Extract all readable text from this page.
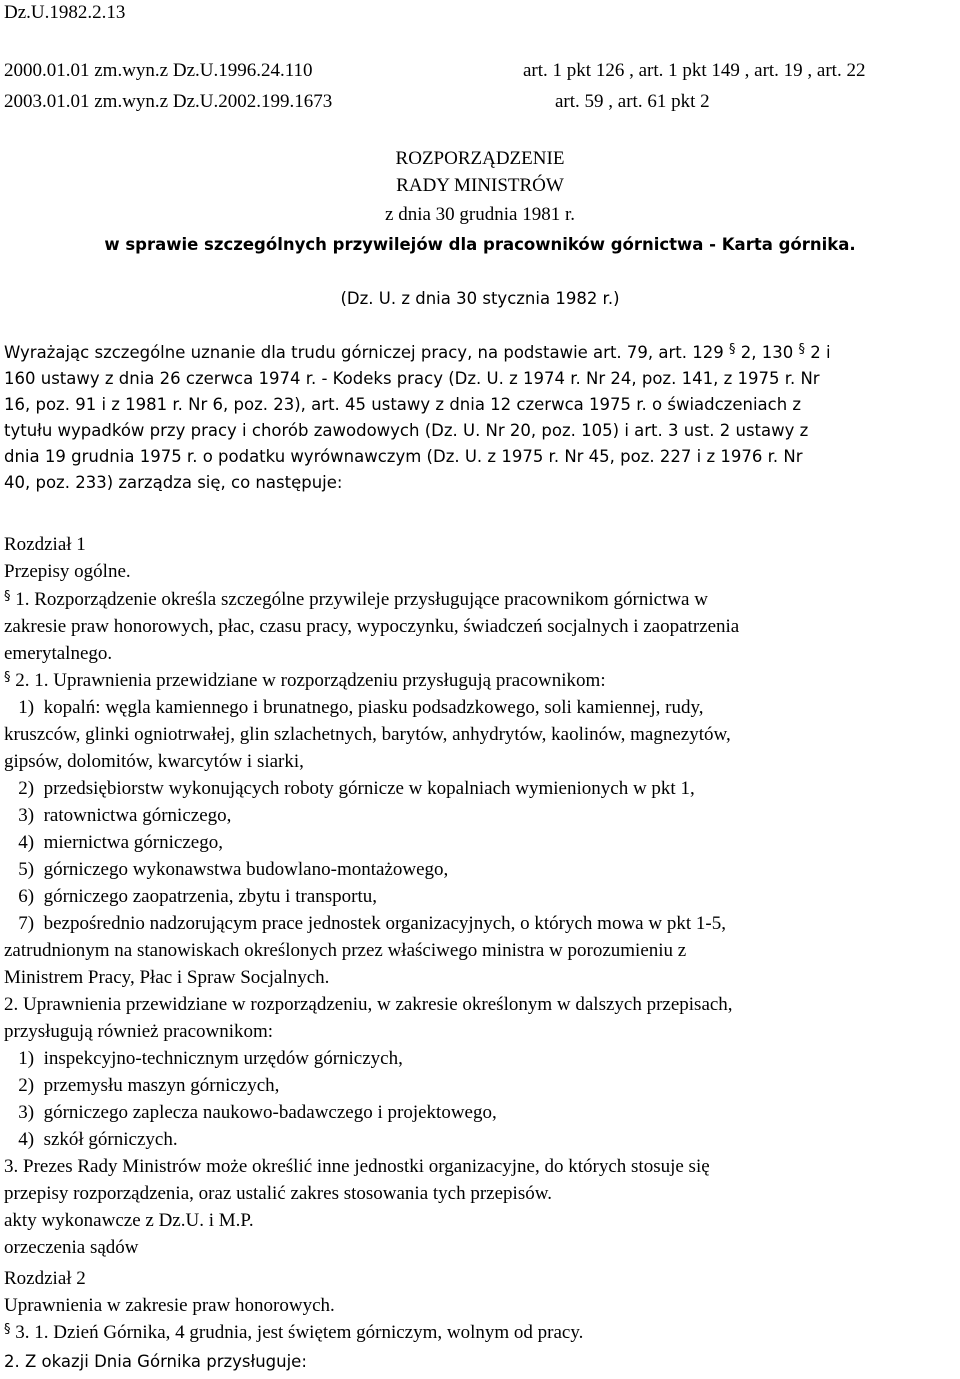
Dz.U.1982.2.13
2000.01.01 zm.wyn.z Dz.U.1996.24.110	art. 1 pkt 126 , art. 1 pkt 149 , art. 19 , art. 22
2003.01.01 zm.wyn.z Dz.U.2002.199.1673	art. 59 , art. 61 pkt 2
ROZPORZĄDZENIE
RADY MINISTRÓW
z dnia 30 grudnia 1981 r.
w sprawie szczególnych przywilejów dla pracowników górnictwa - Karta górnika.
(Dz. U. z dnia 30 stycznia 1982 r.)
Wyrażając szczególne uznanie dla trudu górniczej pracy, na podstawie art. 79, art. 129 § 2, 130 § 2 i
160 ustawy z dnia 26 czerwca 1974 r. - Kodeks pracy (Dz. U. z 1974 r. Nr 24, poz. 141, z 1975 r. Nr
16, poz. 91 i z 1981 r. Nr 6, poz. 23), art. 45 ustawy z dnia 12 czerwca 1975 r. o świadczeniach z
tytułu wypadków przy pracy i chorób zawodowych (Dz. U. Nr 20, poz. 105) i art. 3 ust. 2 ustawy z
dnia 19 grudnia 1975 r. o podatku wyrównawczym (Dz. U. z 1975 r. Nr 45, poz. 227 i z 1976 r. Nr
40, poz. 233) zarządza się, co następuje:
Rozdział 1
Przepisy ogólne.
§ 1. Rozporządzenie określa szczególne przywileje przysługujące pracownikom górnictwa w
zakresie praw honorowych, płac, czasu pracy, wypoczynku, świadczeń socjalnych i zaopatrzenia
emerytalnego.
§ 2. 1. Uprawnienia przewidziane w rozporządzeniu przysługują pracownikom:
1)  kopalń: węgla kamiennego i brunatnego, piasku podsadzkowego, soli kamiennej, rudy,
kruszców, glinki ogniotrwałej, glin szlachetnych, barytów, anhydrytów, kaolinów, magnezytów,
gipsów, dolomitów, kwarcytów i siarki,
2)  przedsiębiorstw wykonujących roboty górnicze w kopalniach wymienionych w pkt 1,
3)  ratownictwa górniczego,
4)  miernictwa górniczego,
5)  górniczego wykonawstwa budowlano-montażowego,
6)  górniczego zaopatrzenia, zbytu i transportu,
7)  bezpośrednio nadzorującym prace jednostek organizacyjnych, o których mowa w pkt 1-5,
zatrudnionym na stanowiskach określonych przez właściwego ministra w porozumieniu z
Ministrem Pracy, Płac i Spraw Socjalnych.
2. Uprawnienia przewidziane w rozporządzeniu, w zakresie określonym w dalszych przepisach,
przysługują również pracownikom:
1)  inspekcyjno-technicznym urzędów górniczych,
2)  przemysłu maszyn górniczych,
3)  górniczego zaplecza naukowo-badawczego i projektowego,
4)  szkół górniczych.
3. Prezes Rady Ministrów może określić inne jednostki organizacyjne, do których stosuje się
przepisy rozporządzenia, oraz ustalić zakres stosowania tych przepisów.
akty wykonawcze z Dz.U. i M.P.
orzeczenia sądów
Rozdział 2
Uprawnienia w zakresie praw honorowych.
§ 3. 1. Dzień Górnika, 4 grudnia, jest świętem górniczym, wolnym od pracy.
2. Z okazji Dnia Górnika przysługuje:
